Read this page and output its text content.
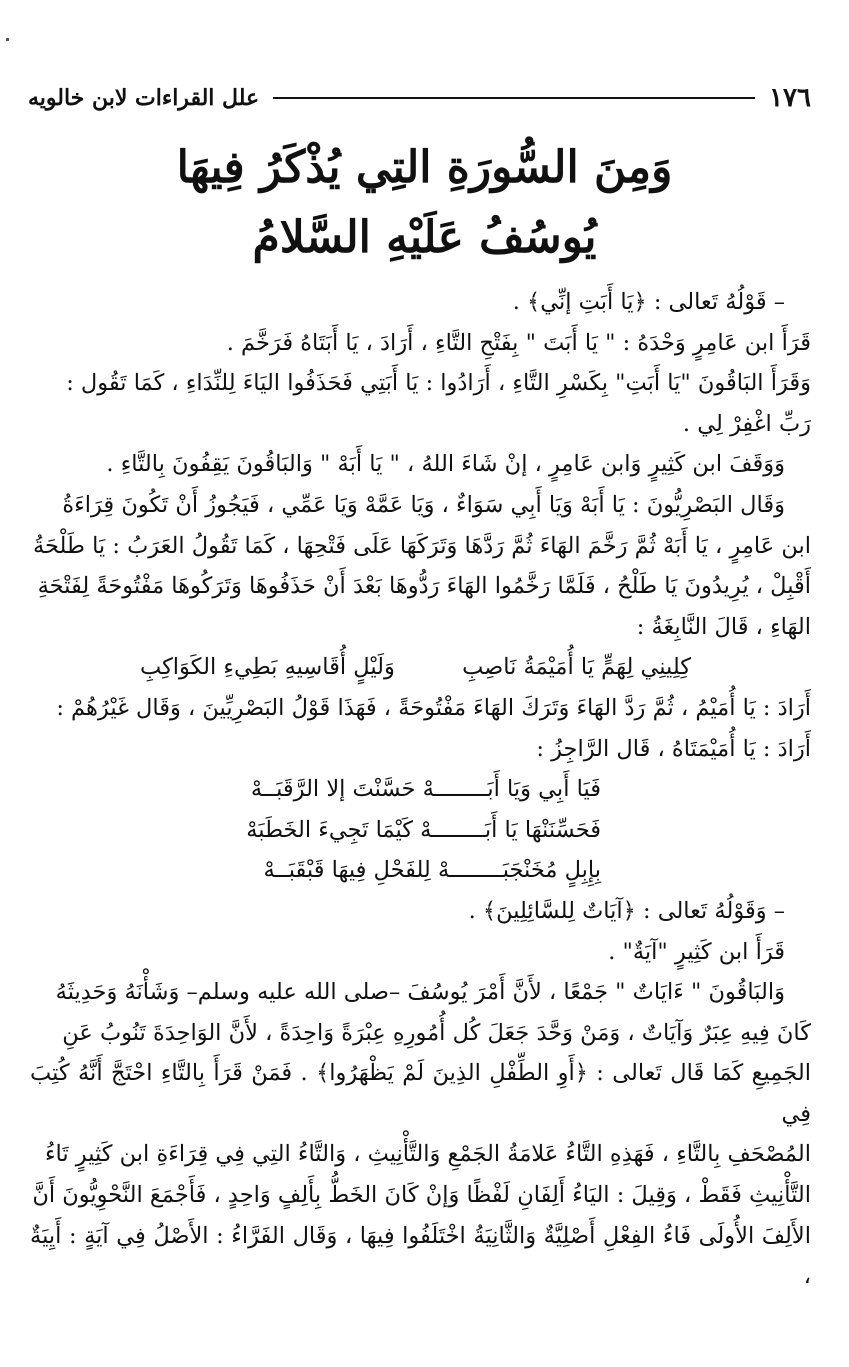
١٧٦
علل القراءات لابن خالويه
وَمِنَ السُّورَةِ التِي يُذْكَرُ فِيهَا
يُوسُفُ عَلَيْهِ السَّلامُ

– قَوْلُهُ تَعالى : ﴿يَا أَبَتِ إنِّي﴾ .

قَرَأَ ابن عَامِرٍ وَحْدَهُ : " يَا أَبَتَ " بِفَتْحِ التَّاءِ ، أَرَادَ ، يَا أَبَتَاهُ فَرَخَّمَ .

وَقَرَأَ البَاقُونَ "يَا أَبَتِ" بِكَسْرِ التَّاءِ ، أَرَادُوا : يَا أَبَتِي فَحَذَفُوا اليَاءَ لِلنِّدَاءِ ، كَمَا تَقُول :

رَبِّ اغْفِرْ لِي .

وَوَقَفَ ابن كَثِيرٍ وَابن عَامِرٍ ، إنْ شَاءَ اللهُ ، " يَا أَبَهْ " وَالبَاقُونَ يَقِفُونَ بِالتَّاءِ .

وَقَال البَصْرِيُّونَ : يَا أَبَهْ وَيَا أَبِي سَوَاءٌ ، وَيَا عَمَّهْ وَيَا عَمِّي ، فَيَجُوزُ أَنْ تَكُونَ قِرَاءَةُ

ابن عَامِرٍ ، يَا أَبَهْ ثُمَّ رَخَّمَ الهَاءَ ثُمَّ رَدَّهَا وَتَرَكَهَا عَلَى فَتْحِهَا ، كَمَا تَقُولُ العَرَبُ : يَا طَلْحَةُ

أَقْبِلْ ، يُرِيدُونَ يَا طَلْحُ ، فَلَمَّا رَخَّمُوا الهَاءَ رَدُّوهَا بَعْدَ أَنْ حَذَفُوهَا وَتَرَكُوهَا مَفْتُوحَةً لِفَتْحَةِ

الهَاءِ ، قَالَ النَّابِغَةُ :

كِلِينِي لِهَمٍّ يَا أُمَيْمَةُ نَاصِبِ
وَلَيْلٍ أُقَاسِيهِ بَطِيءِ الكَوَاكِبِ

أَرَادَ : يَا أُمَيْمُ ، ثُمَّ رَدَّ الهَاءَ وَتَرَكَ الهَاءَ مَفْتُوحَةً ، فَهَذَا قَوْلُ البَصْرِيِّينَ ، وَقَال غَيْرُهُمْ :

أَرَادَ : يَا أُمَيْمَتَاهُ ، قَال الرَّاجِزُ :

فَيَا أَبِي وَيَا أَبَــــــــهْ حَسَّنْتَ إلا الرَّقَبَــهْ
فَحَسِّنَنْهَا يَا أَبَــــــــهْ كَيْمَا تَجِيءَ الخَطَبَهْ
بِإِبِلٍ مُخَنْجَبَــــــــهْ لِلفَحْلِ فِيهَا قَبْقَبَــهْ

– وَقَوْلُهُ تَعالى : ﴿آيَاتٌ لِلسَّائِلِينَ﴾ .

قَرَأَ ابن كَثِيرٍ "آيَةٌ" .

وَالبَاقُونَ " ءَايَاتٌ " جَمْعًا ، لأَنَّ أَمْرَ يُوسُفَ –صلى الله عليه وسلم– وَشَأْنَهُ وَحَدِيثَهُ

كَانَ فِيهِ عِبَرٌ وَآيَاتٌ ، وَمَنْ وَحَّدَ جَعَلَ كُل أُمُورِهِ عِبْرَةً وَاحِدَةً ، لأَنَّ الوَاحِدَةَ تَنُوبُ عَنِ

الجَمِيعِ كَمَا قَال تَعالى : ﴿أَوِ الطِّفْلِ الذِينَ لَمْ يَظْهَرُوا﴾ . فَمَنْ قَرَأَ بِالتَّاءِ احْتَجَّ أَنَّهُ كُتِبَ فِي

المُصْحَفِ بِالتَّاءِ ، فَهَذِهِ التَّاءُ عَلامَةُ الجَمْعِ وَالتَّأْنِيثِ ، وَالتَّاءُ التِي فِي قِرَاءَةِ ابن كَثِيرٍ تَاءُ

التَّأْنِيثِ فَقَطْ ، وَقِيلَ : اليَاءُ أَلِفَانِ لَفْظًا وَإنْ كَانَ الخَطُّ بِأَلِفٍ وَاحِدٍ ، فَأَجْمَعَ النَّحْوِيُّونَ أَنَّ

الأَلِفَ الأُولَى فَاءُ الفِعْلِ أَصْلِيَّةٌ وَالثَّانِيَةُ اخْتَلَفُوا فِيهَا ، وَقَال الفَرَّاءُ : الأَصْلُ فِي آيَةٍ : أَيِيَةٌ ،
